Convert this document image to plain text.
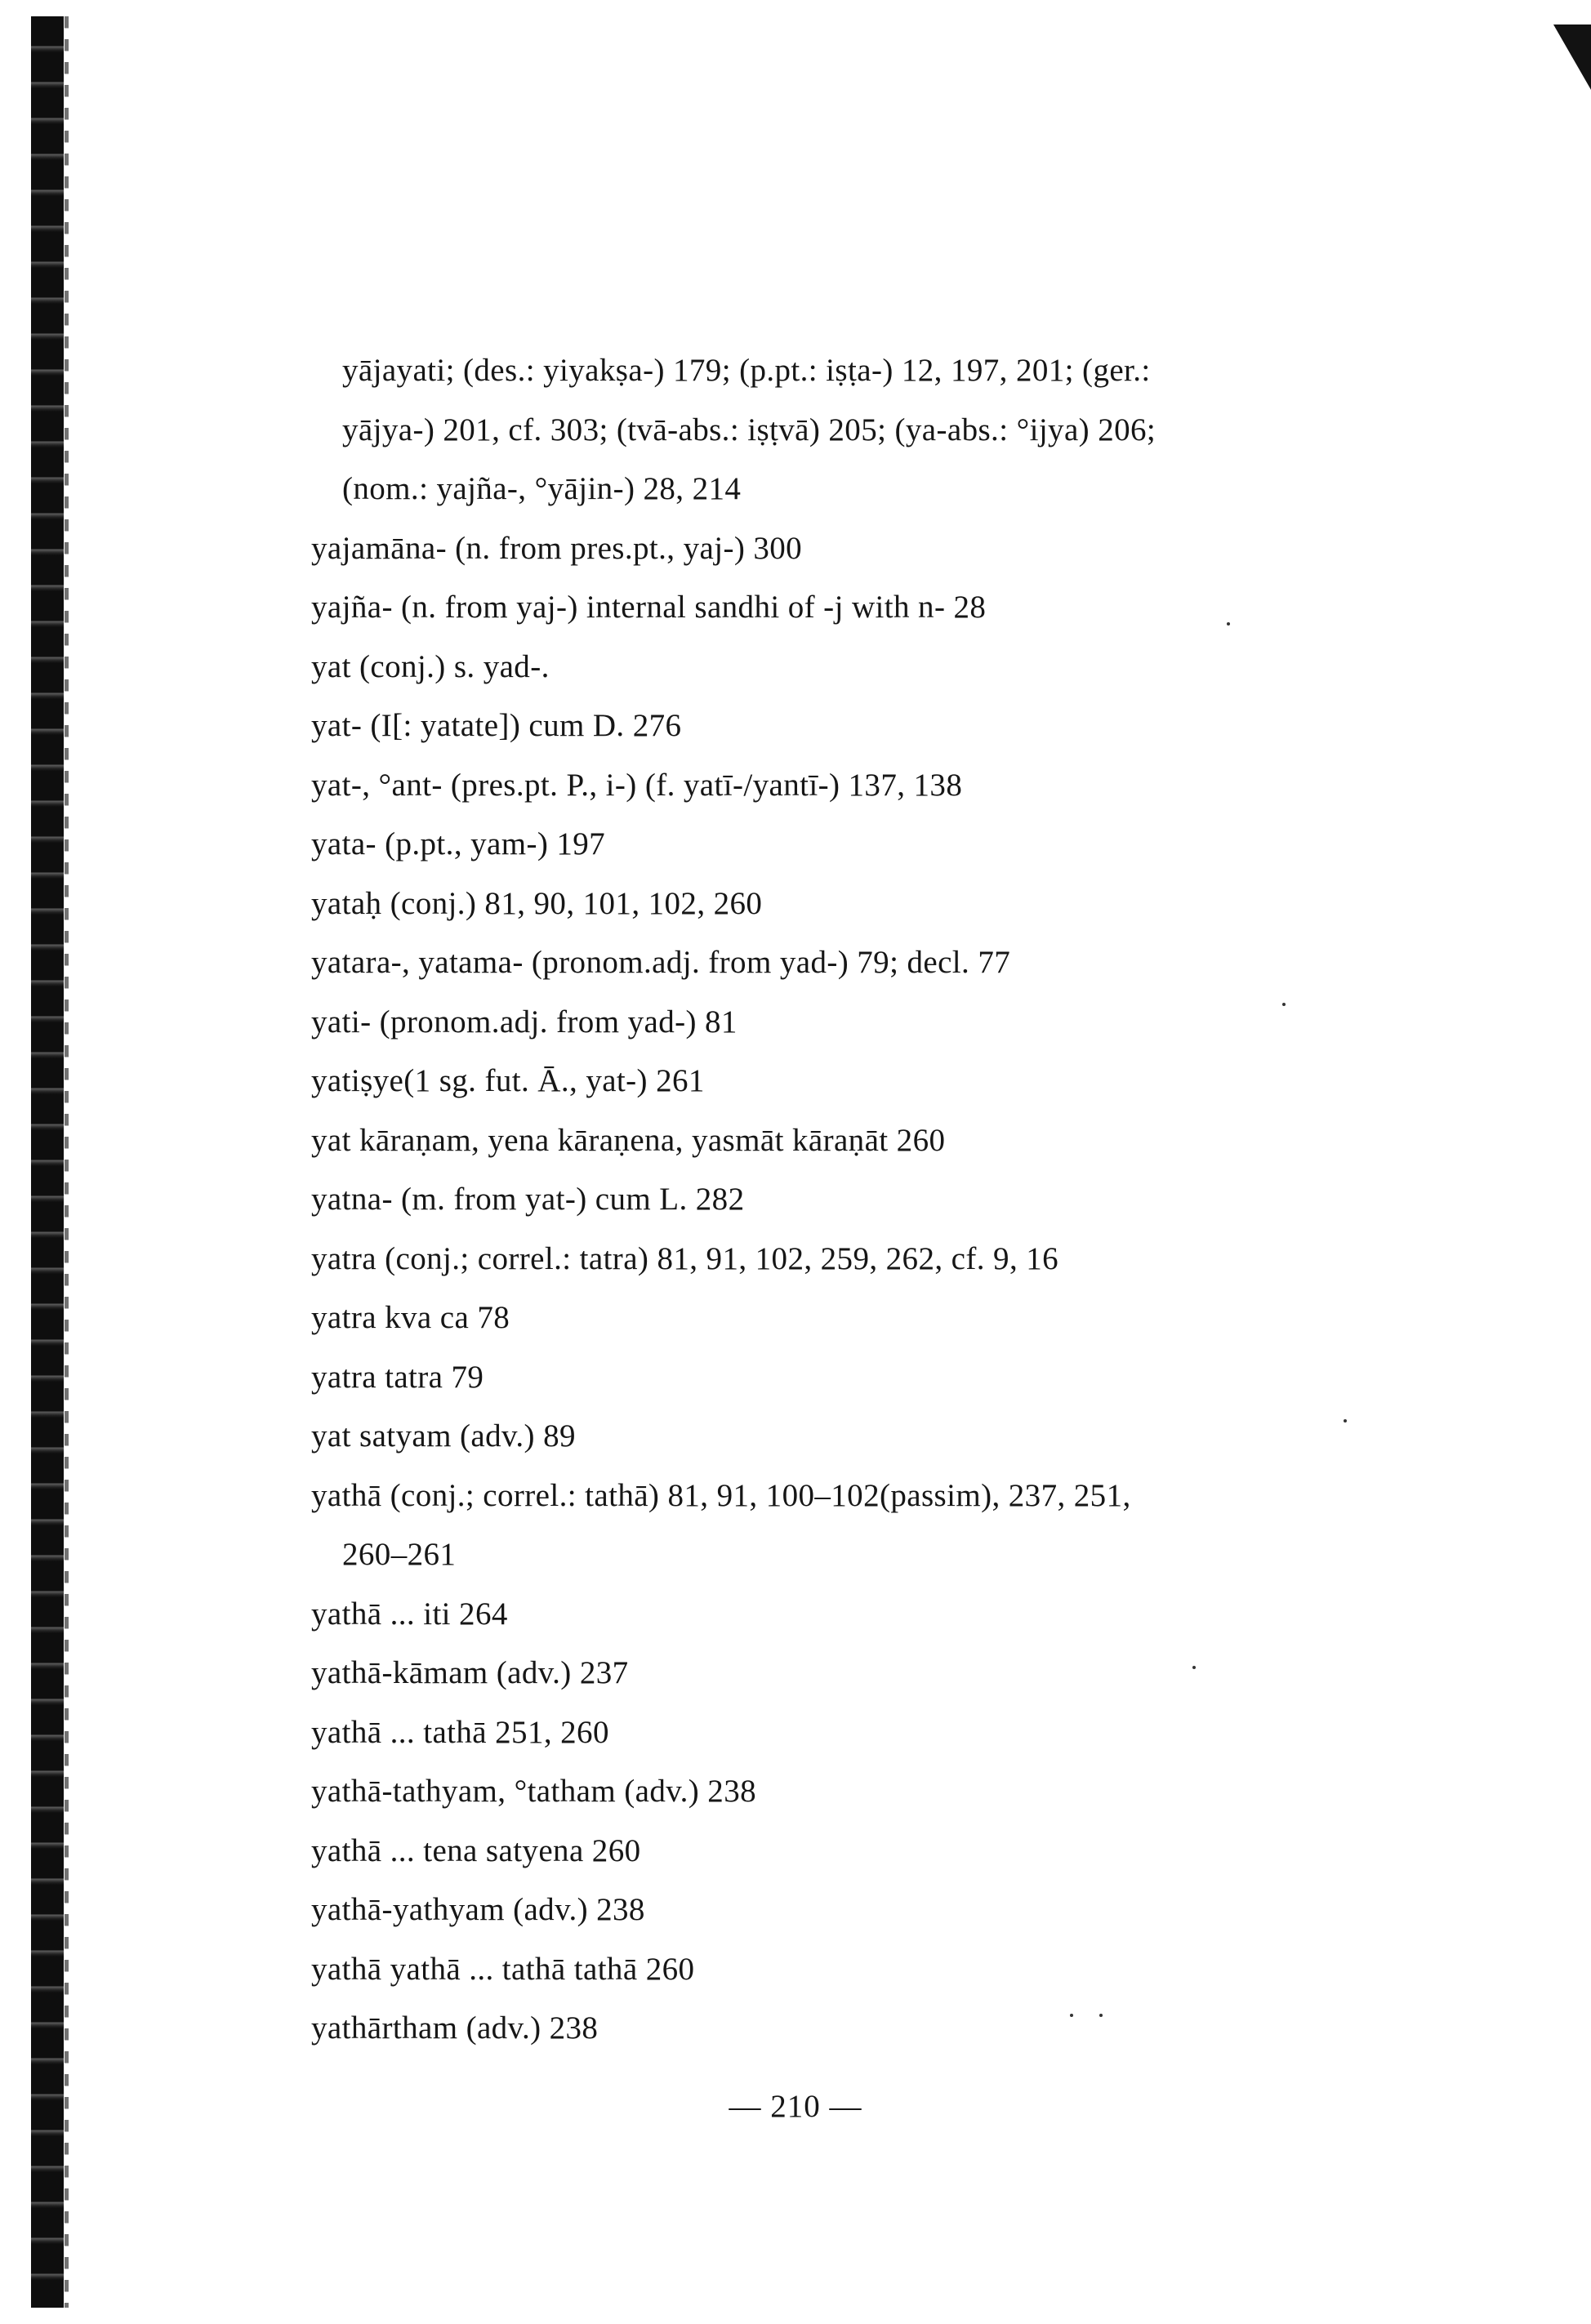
yājayati; (des.: yiyakṣa-) 179; (p.pt.: iṣṭa-) 12, 197, 201; (ger.:
yājya-) 201, cf. 303; (tvā-abs.: iṣṭvā) 205; (ya-abs.: °ijya) 206;
(nom.: yajña-, °yājin-) 28, 214
yajamāna- (n. from pres.pt., yaj-) 300
yajña- (n. from yaj-) internal sandhi of -j with n- 28
yat (conj.) s. yad-.
yat- (I[: yatate]) cum D. 276
yat-, °ant- (pres.pt. P., i-) (f. yatī-/yantī-) 137, 138
yata- (p.pt., yam-) 197
yataḥ (conj.) 81, 90, 101, 102, 260
yatara-, yatama- (pronom.adj. from yad-) 79; decl. 77
yati- (pronom.adj. from yad-) 81
yatiṣye(1 sg. fut. Ā., yat-) 261
yat kāraṇam, yena kāraṇena, yasmāt kāraṇāt 260
yatna- (m. from yat-) cum L. 282
yatra (conj.; correl.: tatra) 81, 91, 102, 259, 262, cf. 9, 16
yatra kva ca 78
yatra tatra 79
yat satyam (adv.) 89
yathā (conj.; correl.: tathā) 81, 91, 100–102(passim), 237, 251,
260–261
yathā ... iti 264
yathā-kāmam (adv.) 237
yathā ... tathā 251, 260
yathā-tathyam, °tatham (adv.) 238
yathā ... tena satyena 260
yathā-yathyam (adv.) 238
yathā yathā ... tathā tathā 260
yathārtham (adv.) 238
— 210 —
